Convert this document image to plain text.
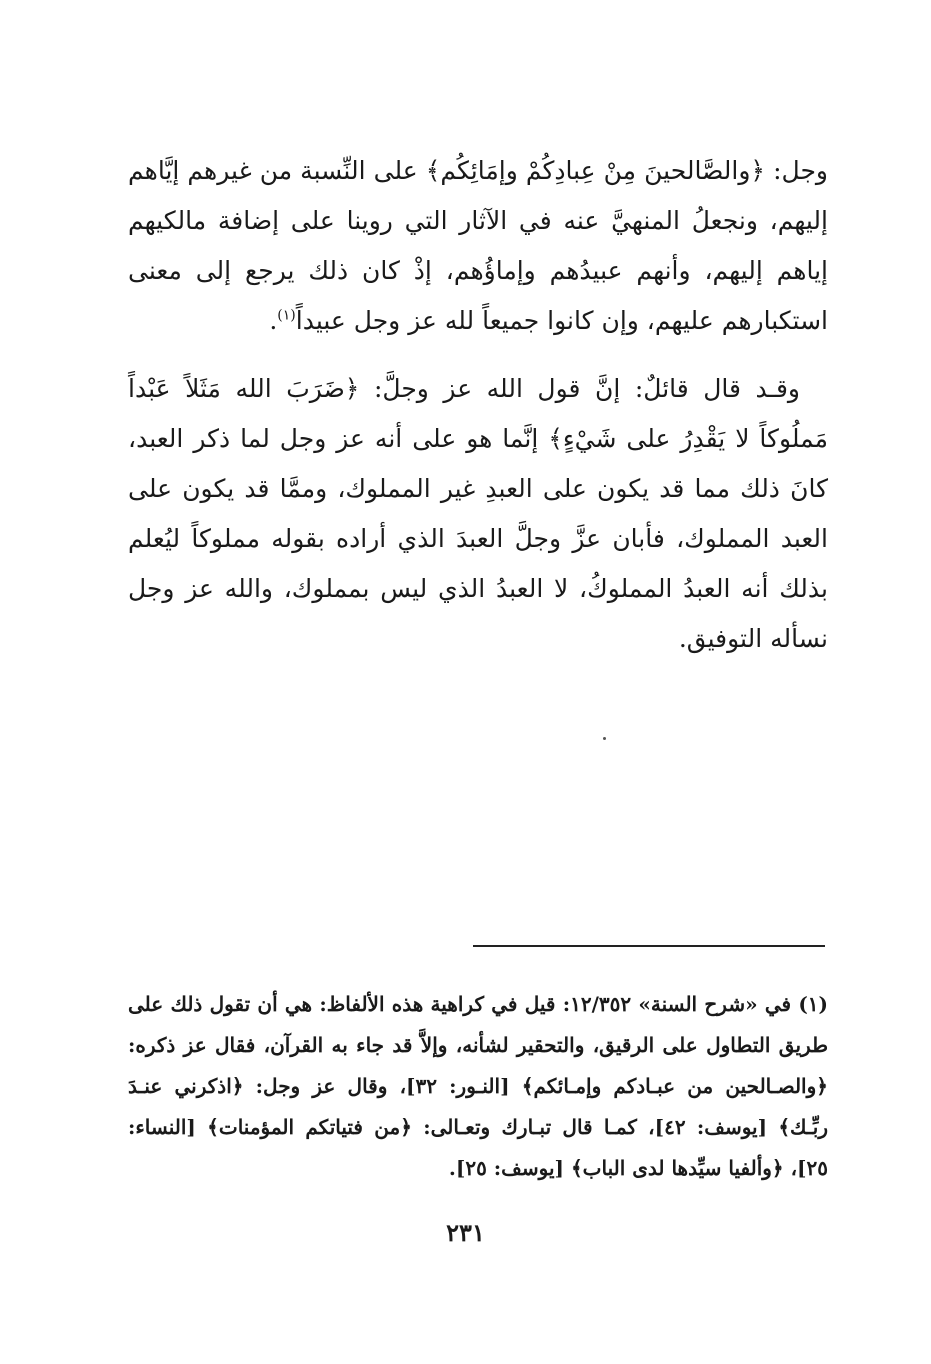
وجل: ﴿والصَّالحينَ مِنْ عِبادِكُمْ وإمَائِكُم﴾ على النِّسبة من غيرهم إيَّاهم إليهم، ونجعلُ المنهيَّ عنه في الآثار التي روينا على إضافة مالكيهم إياهم إليهم، وأنهم عبيدُهم وإماؤُهم، إذْ كان ذلك يرجع إلى معنى استكبارهم عليهم، وإن كانوا جميعاً لله عز وجل عبيداً$^{(١)}$.

وقـد قال قائلٌ: إنَّ قول الله عز وجلَّ: ﴿ضَرَبَ الله مَثَلاً عَبْداً مَملُوكاً لا يَقْدِرُ على شَيْءٍ﴾ إنَّما هو على أنه عز وجل لما ذكر العبد، كانَ ذلك مما قد يكون على العبدِ غير المملوك، وممَّا قد يكون على العبد المملوك، فأبان عزَّ وجلَّ العبدَ الذي أراده بقوله مملوكاً ليُعلم بذلك أنه العبدُ المملوكُ، لا العبدُ الذي ليس بمملوك، والله عز وجل نسأله التوفيق.

(١) في «شرح السنة» ١٢/٣٥٢: قيل في كراهية هذه الألفاظ: هي أن تقول ذلك على طريق التطاول على الرقيق، والتحقير لشأنه، وإلاَّ قد جاء به القرآن، فقال عز ذكره: ﴿والصـالحين من عبـادكم وإمـائكم﴾ [النـور: ٣٢]، وقال عز وجل: ﴿اذكرني عنـدَ ربِّـك﴾ [يوسف: ٤٢]، كمـا قال تبـارك وتعـالى: ﴿من فتياتكم المؤمنات﴾ [النساء: ٢٥]، ﴿وألفيا سيِّدها لدى الباب﴾ [يوسف: ٢٥].

٢٣١
